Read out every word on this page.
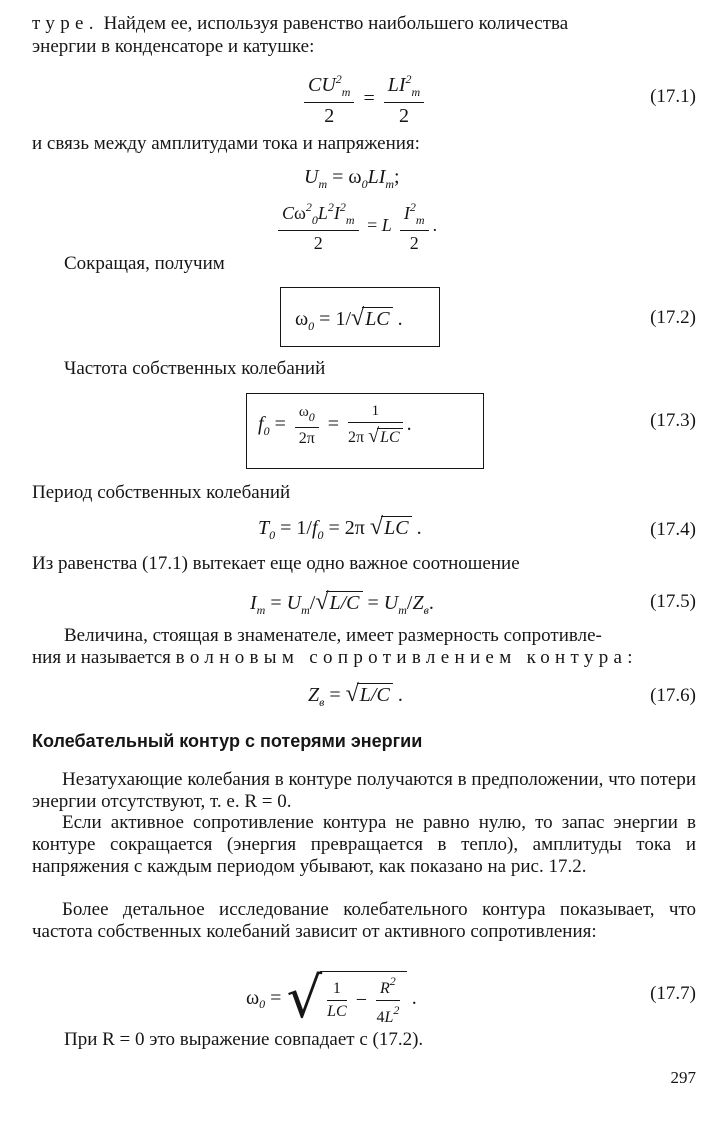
туре. Найдем ее, используя равенство наибольшего количества
энергии в конденсаторе и катушке:
$\frac{CU^2_m}{2} = \frac{LI^2_m}{2}$	(17.1)
и связь между амплитудами тока и напряжения:
$U_m = \omega_0LI_m$;
$\frac{C\omega^2_0L^2I^2_m}{2} = L \frac{I^2_m}{2}$ .
Сокращая, получим
$\omega_0 = 1/√LC$ .	(17.2)
Частота собственных колебаний
$f_0 = \frac{\omega_0}{2\pi} = \frac{1}{2\pi √LC}$ .	(17.3)
Период собственных колебаний
$T_0 = 1/f_0 = 2\pi$ √LC .	(17.4)
Из равенства (17.1) вытекает еще одно важное соотношение
$I_m = U_m/√L/C = U_m/Z_в$.	(17.5)
Величина, стоящая в знаменателе, имеет размерность сопротивле-
ния и называется волновым сопротивлением контура:
$Z_в = √L/C$ .	(17.6)
Колебательный контур с потерями энергии
Незатухающие колебания в контуре получаются в предположении, что потери энергии отсутствуют, т. е. R = 0.
Если активное сопротивление контура не равно нулю, то запас энергии в контуре сокращается (энергия превращается в тепло), амплитуды тока и напряжения с каждым периодом убывают, как показано на рис. 17.2.
Более детальное исследование колебательного контура показывает, что частота собственных колебаний зависит от активного сопротивления:
$\omega_0$ = √ $\frac{1}{LC} - \frac{R^2}{4L^2}$ .	(17.7)
При R = 0 это выражение совпадает с (17.2).
297
